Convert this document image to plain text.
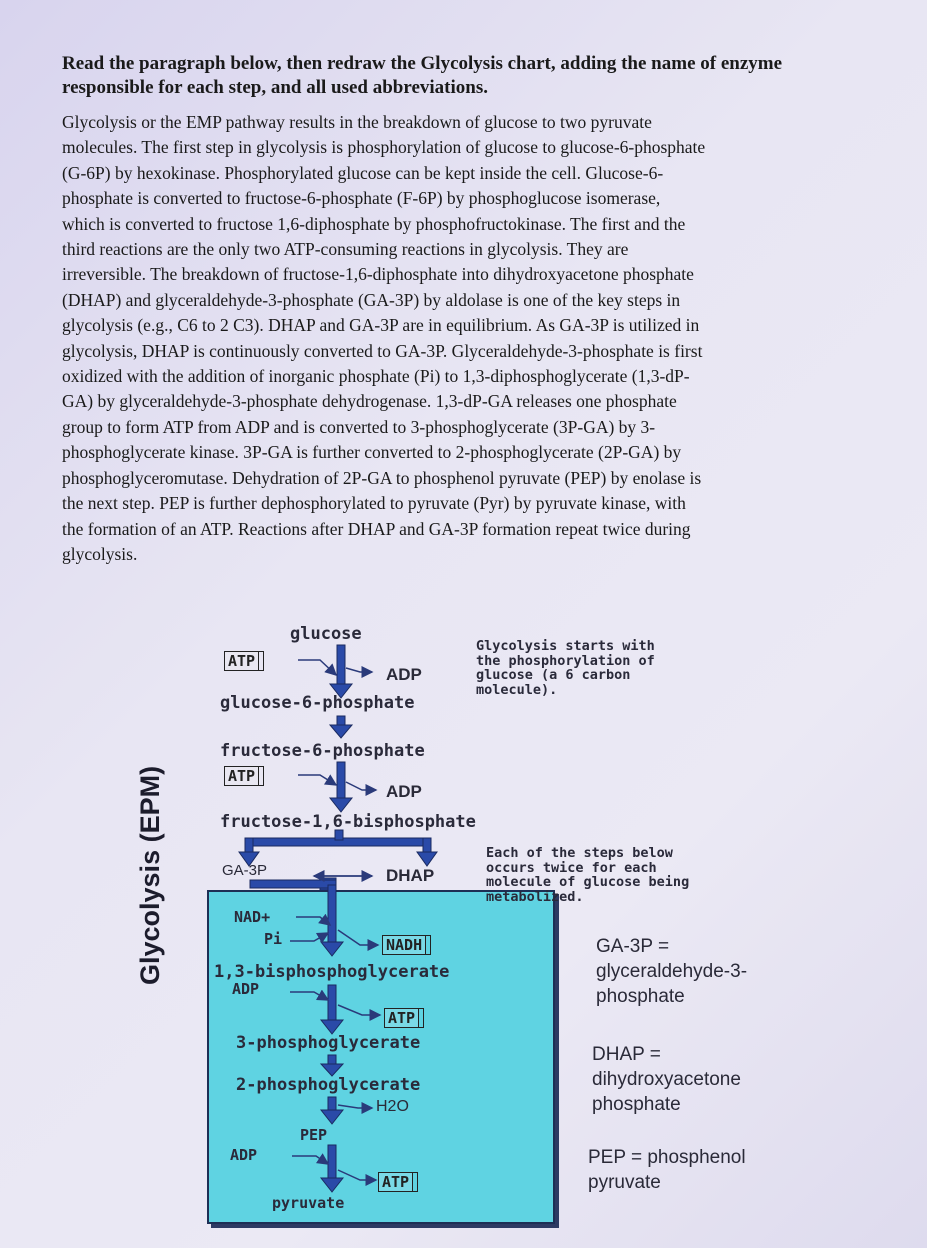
Read the paragraph below, then redraw the Glycolysis chart, adding the name of enzyme responsible for each step, and all used abbreviations.

Glycolysis or the EMP pathway results in the breakdown of glucose to two pyruvate
molecules. The first step in glycolysis is phosphorylation of glucose to glucose-6-phosphate
(G-6P) by hexokinase. Phosphorylated glucose can be kept inside the cell. Glucose-6-
phosphate is converted to fructose-6-phosphate (F-6P) by phosphoglucose isomerase,
which is converted to fructose 1,6-diphosphate by phosphofructokinase. The first and the
third reactions are the only two ATP-consuming reactions in glycolysis. They are
irreversible. The breakdown of fructose-1,6-diphosphate into dihydroxyacetone phosphate
(DHAP) and glyceraldehyde-3-phosphate (GA-3P) by aldolase is one of the key steps in
glycolysis (e.g., C6 to 2 C3). DHAP and GA-3P are in equilibrium. As GA-3P is utilized in
glycolysis, DHAP is continuously converted to GA-3P. Glyceraldehyde-3-phosphate is first
oxidized with the addition of inorganic phosphate (Pi) to 1,3-diphosphoglycerate (1,3-dP-
GA) by glyceraldehyde-3-phosphate dehydrogenase. 1,3-dP-GA releases one phosphate
group to form ATP from ADP and is converted to 3-phosphoglycerate (3P-GA) by 3-
phosphoglycerate kinase. 3P-GA is further converted to 2-phosphoglycerate (2P-GA) by
phosphoglyceromutase. Dehydration of 2P-GA to phosphenol pyruvate (PEP) by enolase is
the next step. PEP is further dephosphorylated to pyruvate (Pyr) by pyruvate kinase, with
the formation of an ATP. Reactions after DHAP and GA-3P formation repeat twice during
glycolysis.

Glycolysis (EPM)
glucose
ATP
ADP
glucose-6-phosphate
fructose-6-phosphate
ATP
ADP
fructose-1,6-bisphosphate
GA-3P	DHAP
NAD+
Pi	NADH
1,3-bisphosphoglycerate
ADP
ATP
3-phosphoglycerate
2-phosphoglycerate
H2O
PEP
ADP
ATP
pyruvate
Glycolysis starts with
the phosphorylation of
glucose (a 6 carbon
molecule).
Each of the steps below
occurs twice for each
molecule of glucose being
metabolized.
GA-3P =
glyceraldehyde-3-
phosphate
DHAP =
dihydroxyacetone
phosphate
PEP = phosphenol
pyruvate
